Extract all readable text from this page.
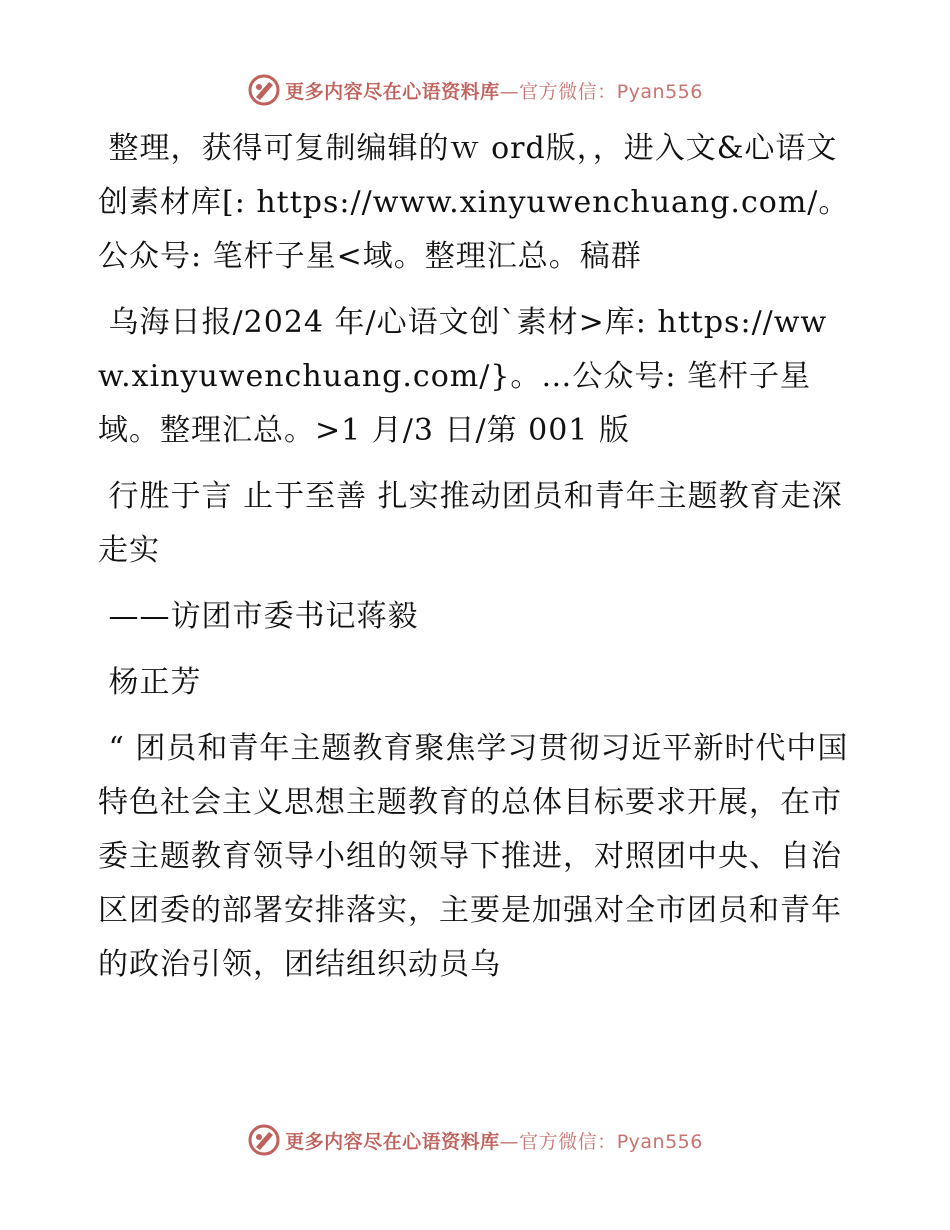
更多内容尽在心语资料库—官方微信：Pyan556

整理，获得可复制编辑的ｗ ord版，，进入文&心语文创素材库[: https://www.xinyuwenchuang.com/。公众号: 笔杆子星<域。整理汇总。稿群

乌海日报/2024 年/心语文创`素材>库: https://www.xinyuwenchuang.com/}。…公众号: 笔杆子星域。整理汇总。>1 月/3 日/第 001 版

行胜于言 止于至善 扎实推动团员和青年主题教育走深走实

——访团市委书记蒋毅

杨正芳

“ 团员和青年主题教育聚焦学习贯彻习近平新时代中国特色社会主义思想主题教育的总体目标要求开展，在市委主题教育领导小组的领导下推进，对照团中央、自治区团委的部署安排落实，主要是加强对全市团员和青年的政治引领，团结组织动员乌

更多内容尽在心语资料库—官方微信：Pyan556
